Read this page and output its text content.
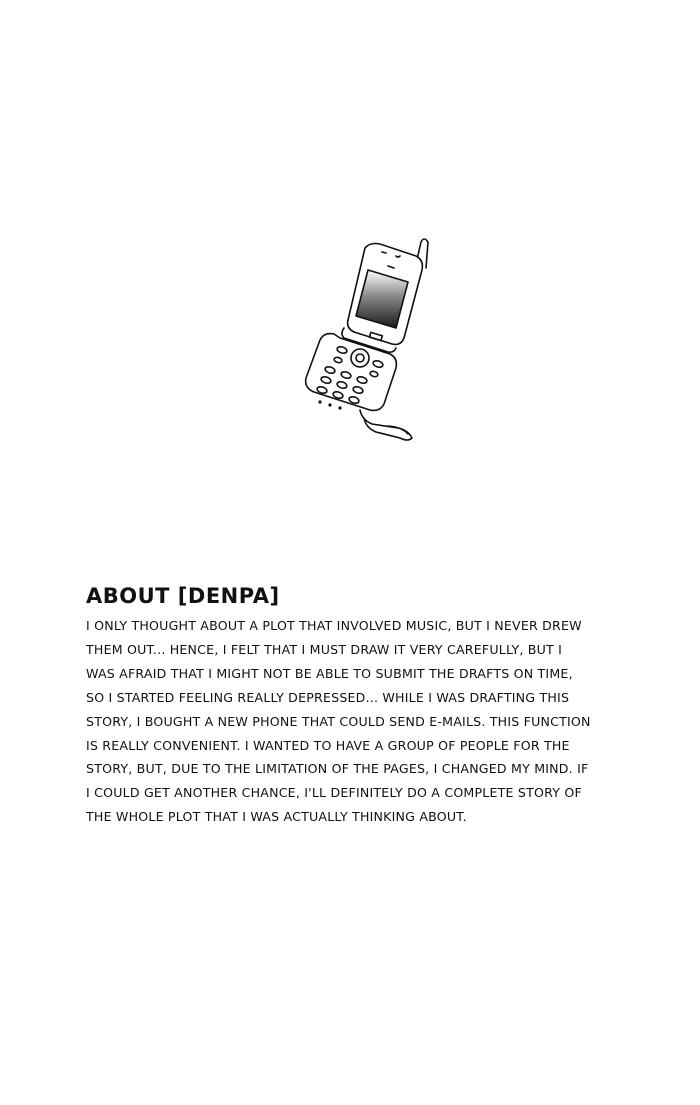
ABOUT [DENPA]
I ONLY THOUGHT ABOUT A PLOT THAT INVOLVED MUSIC, BUT I NEVER DREW
THEM OUT... HENCE, I FELT THAT I MUST DRAW IT VERY CAREFULLY, BUT I
WAS AFRAID THAT I MIGHT NOT BE ABLE TO SUBMIT THE DRAFTS ON TIME,
SO I STARTED FEELING REALLY DEPRESSED... WHILE I WAS DRAFTING THIS
STORY, I BOUGHT A NEW PHONE THAT COULD SEND E-MAILS. THIS FUNCTION
IS REALLY CONVENIENT. I WANTED TO HAVE A GROUP OF PEOPLE FOR THE
STORY, BUT, DUE TO THE LIMITATION OF THE PAGES, I CHANGED MY MIND. IF
I COULD GET ANOTHER CHANCE, I'LL DEFINITELY DO A COMPLETE STORY OF
THE WHOLE PLOT THAT I WAS ACTUALLY THINKING ABOUT.
